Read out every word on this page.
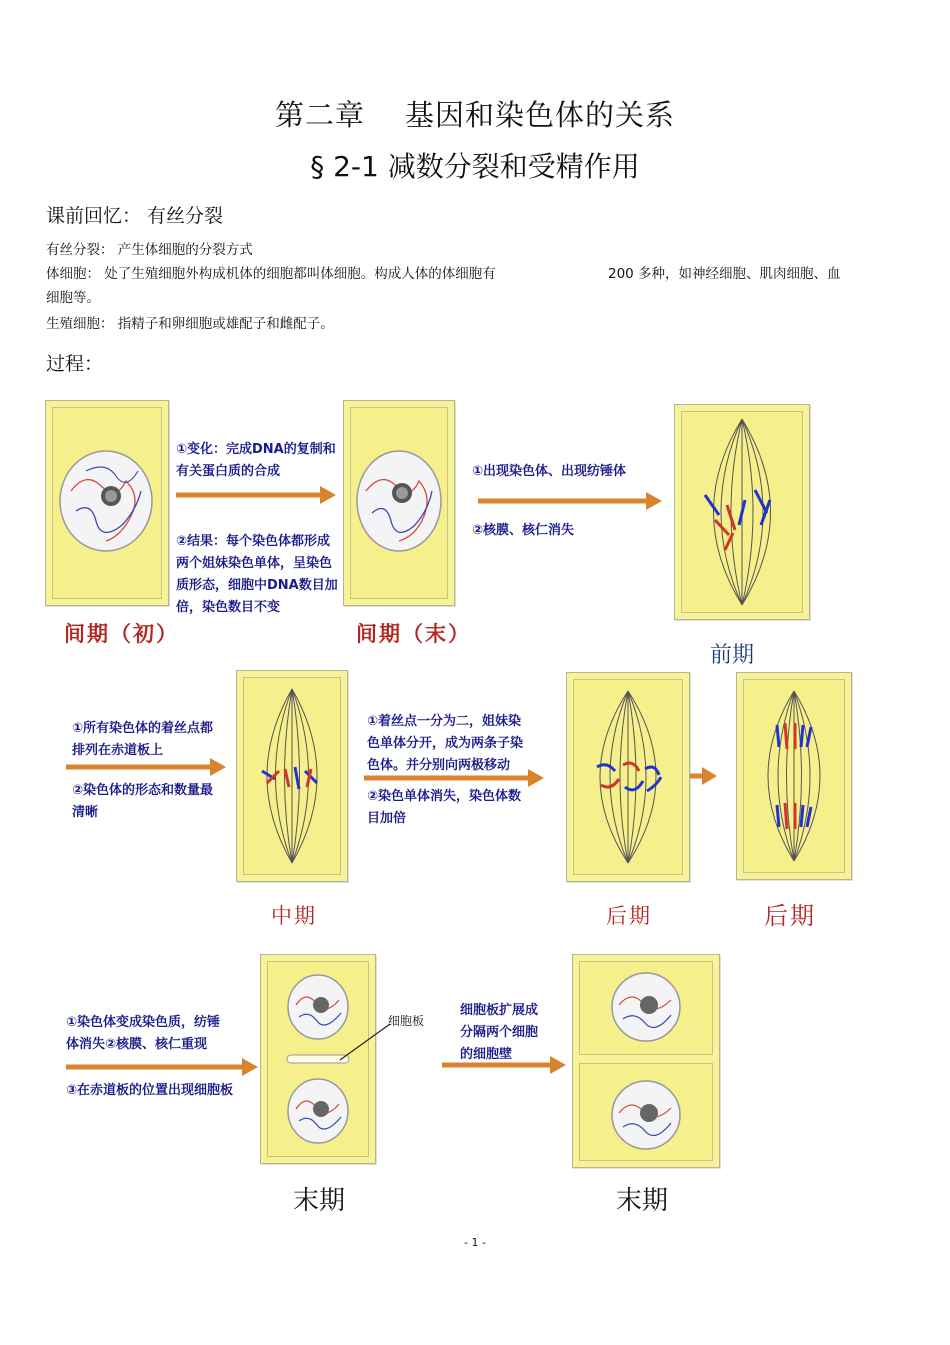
第二章 基因和染色体的关系
§ 2-1 减数分裂和受精作用
课前回忆： 有丝分裂
有丝分裂： 产生体细胞的分裂方式
体细胞： 处了生殖细胞外构成机体的细胞都叫体细胞。构成人体的体细胞有	200 多种，如神经细胞、肌肉细胞、血
细胞等。
生殖细胞： 指精子和卵细胞或雄配子和雌配子。
过程：
间期（初）
①变化：完成DNA的复制和
有关蛋白质的合成
②结果：每个染色体都形成
两个姐妹染色单体，呈染色
质形态，细胞中DNA数目加
倍，染色数目不变
间期（末）
①出现染色体、出现纺锤体
②核膜、核仁消失
前期
①所有染色体的着丝点都
排列在赤道板上
②染色体的形态和数量最
清晰
中期
①着丝点一分为二，姐妹染
色单体分开，成为两条子染
色体。并分别向两极移动
②染色单体消失，染色体数
目加倍
后期	后期
①染色体变成染色质，纺锤
体消失②核膜、核仁重现
③在赤道板的位置出现细胞板
细胞板
末期
细胞板扩展成
分隔两个细胞
的细胞壁
末期
- 1 -
